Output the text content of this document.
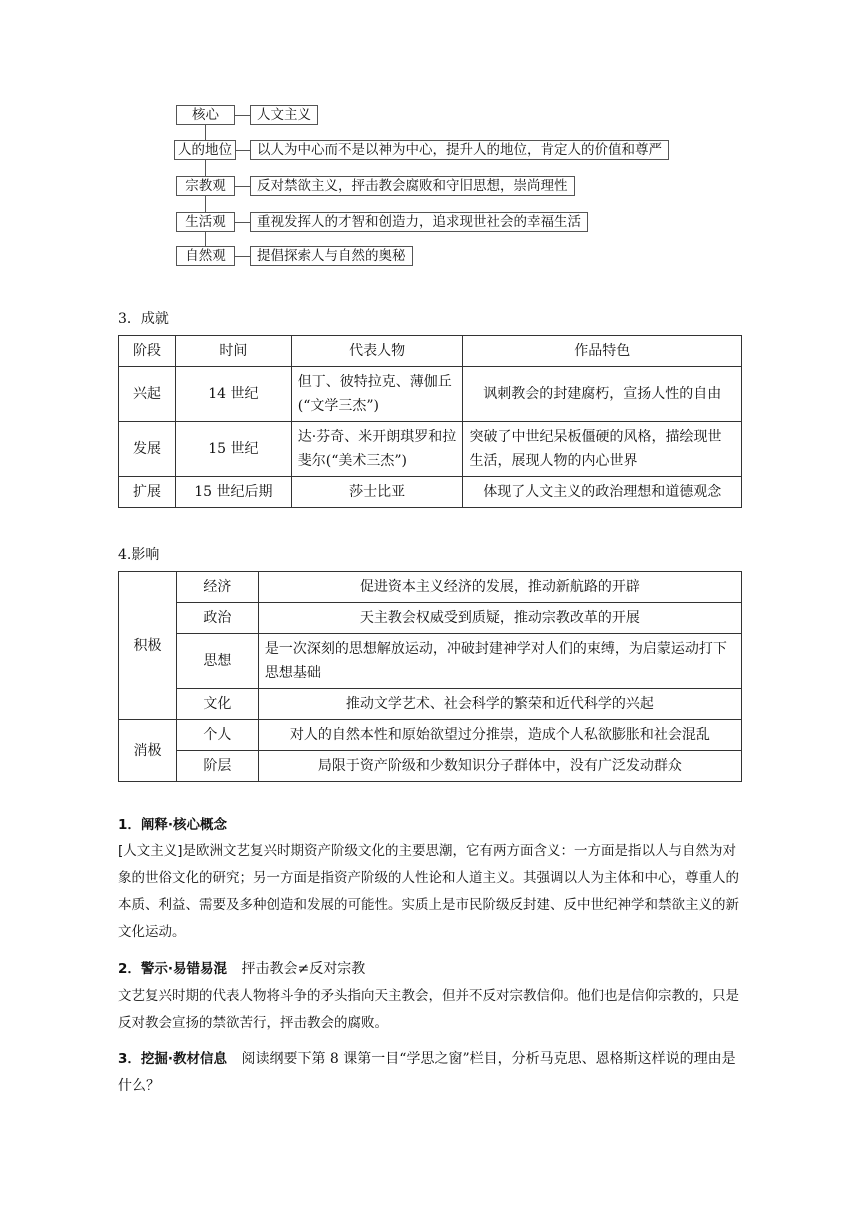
核心	人文主义
人的地位	以人为中心而不是以神为中心，提升人的地位，肯定人的价值和尊严
宗教观	反对禁欲主义，抨击教会腐败和守旧思想，崇尚理性
生活观	重视发挥人的才智和创造力，追求现世社会的幸福生活
自然观	提倡探索人与自然的奥秘
3．成就
阶段	时间	代表人物	作品特色
兴起	14 世纪	但丁、彼特拉克、薄伽丘(“文学三杰”)	讽刺教会的封建腐朽，宣扬人性的自由
发展	15 世纪	达·芬奇、米开朗琪罗和拉斐尔(“美术三杰”)	突破了中世纪呆板僵硬的风格，描绘现世生活，展现人物的内心世界
扩展	15 世纪后期	莎士比亚	体现了人文主义的政治理想和道德观念
4.影响
积极	经济	促进资本主义经济的发展，推动新航路的开辟
	政治	天主教会权威受到质疑，推动宗教改革的开展
	思想	是一次深刻的思想解放运动，冲破封建神学对人们的束缚，为启蒙运动打下思想基础
	文化	推动文学艺术、社会科学的繁荣和近代科学的兴起
消极	个人	对人的自然本性和原始欲望过分推崇，造成个人私欲膨胀和社会混乱
	阶层	局限于资产阶级和少数知识分子群体中，没有广泛发动群众

1．阐释·核心概念

[人文主义]是欧洲文艺复兴时期资产阶级文化的主要思潮，它有两方面含义：一方面是指以人与自然为对象的世俗文化的研究；另一方面是指资产阶级的人性论和人道主义。其强调以人为主体和中心，尊重人的本质、利益、需要及多种创造和发展的可能性。实质上是市民阶级反封建、反中世纪神学和禁欲主义的新文化运动。

2．警示·易错易混 抨击教会≠反对宗教

文艺复兴时期的代表人物将斗争的矛头指向天主教会，但并不反对宗教信仰。他们也是信仰宗教的，只是反对教会宣扬的禁欲苦行，抨击教会的腐败。

3．挖掘·教材信息 阅读纲要下第 8 课第一目“学思之窗”栏目，分析马克思、恩格斯这样说的理由是什么？
